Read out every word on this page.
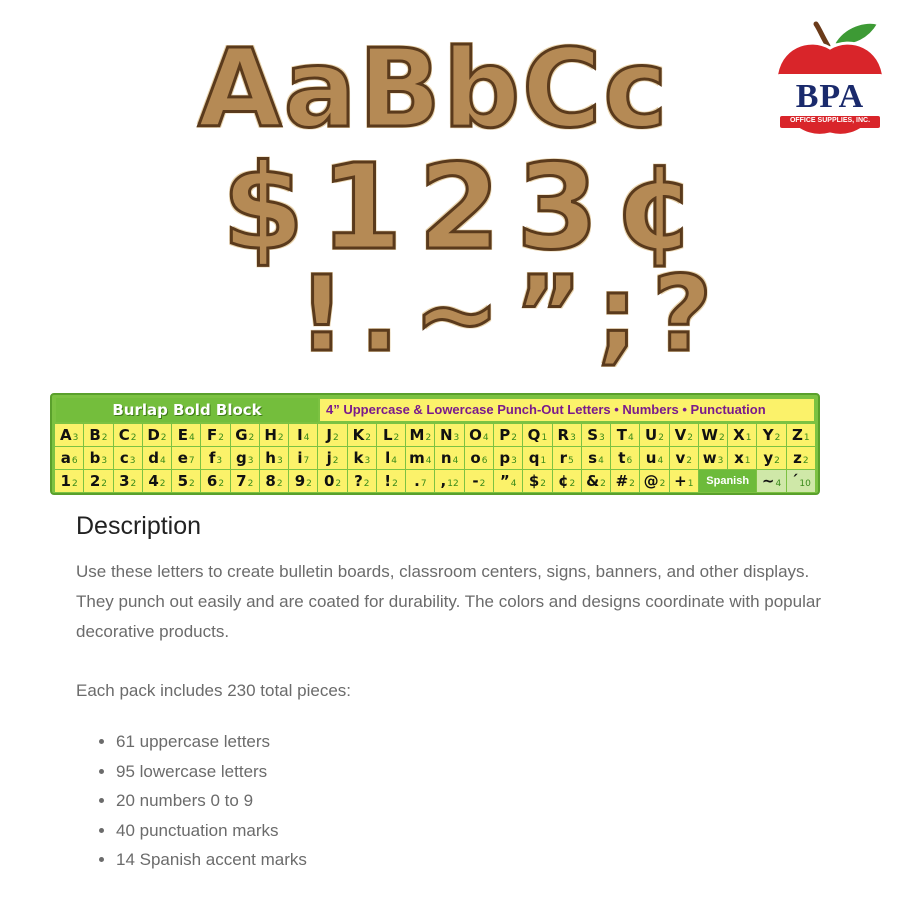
A a B b C c
$ 1 2 3 ¢
! . ~ ” ; ?
BPA
OFFICE SUPPLIES, INC.
Burlap Bold Block	4” Uppercase & Lowercase Punch-Out Letters • Numbers • Punctuation
A 3 B 2 C 2 D 2 E 4 F 2 G 2 H 2 I 4 J 2 K 2 L 2 M 2 N 3 O 4 P 2 Q 1 R 3 S 3 T 4 U 2 V 2 W 2 X 1 Y 2 Z 1
a 6 b 3 c 3 d 4 e 7 f 3 g 3 h 3 i 7 j 2 k 3 l 4 m 4 n 4 o 6 p 3 q 1 r 5 s 4 t 6 u 4 v 2 w 3 x 1 y 2 z 2
1 2 2 2 3 2 4 2 5 2 6 2 7 2 8 2 9 2 0 2 ? 2 ! 2 . 7 , 12 - 2 ” 4 $ 2 ¢ 2 & 2 # 2 @ 2 + 1	Spanish ~ 4 ´ 10
Description

Use these letters to create bulletin boards, classroom centers, signs, banners, and other displays. They punch out easily and are coated for durability. The colors and designs coordinate with popular decorative products.

Each pack includes 230 total pieces:

• 61 uppercase letters
• 95 lowercase letters
• 20 numbers 0 to 9
• 40 punctuation marks
• 14 Spanish accent marks
